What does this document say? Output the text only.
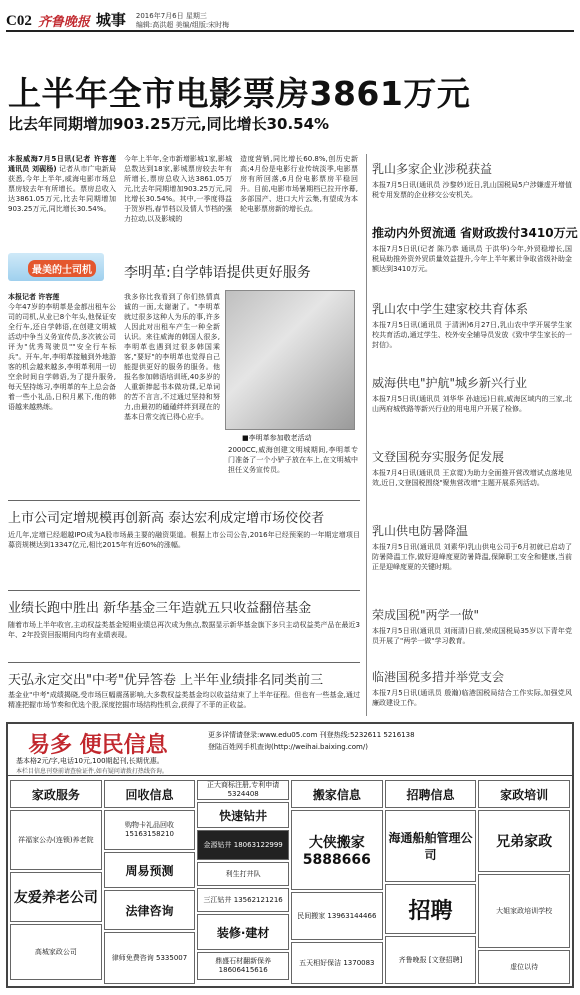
C02 齐鲁晚报 城事 2016年7月6日 星期三
编辑:高洪超 美编/组版:宋时梅
上半年全市电影票房3861万元
比去年同期增加903.25万元,同比增长30.54%
本报威海7月5日讯(记者 许容莲 通讯员 刘砚杨) 记者从市广电新局获悉,今年上半年,威海电影市场总票房较去年有所增长。票房总收入达3861.05万元,比去年同期增加903.25万元,同比增长30.54%。
今年上半年,全市新增影城1家,影城总数达到18家,影城票房较去年有所增长,票房总收入达3861.05万元,比去年同期增加903.25万元,同比增长30.54%。其中,一季度得益于贺岁档,春节档以及情人节档的强力拉动,以及影城的
造度营销,同比增长60.8%,创历史新高;4月份是电影行业传统淡季,电影票房有所回落,6月份电影票房平稳回升。目前,电影市场暑期档已拉开序幕,多部国产、进口大片云集,有望成为本轮电影票房新的增长点。
最美的士司机 李明革:自学韩语提供更好服务
本报记者 许容莲
今年47岁的李明革是金都出租车公司的司机,从业已8个年头,他保证安全行车,还自学韩语,在创建文明城活动中争当义务宣传员,多次被公司评为"优秀驾驶员""安全行车标兵"。开车,年,李明革接触到外地游客的机会越来越多,李明革利用一切空余时间自学韩语,为了提升服务,每天坚持练习,李明革的车上总会备着一些小礼品,日积月累下,他的韩语越来越熟练。
我多你比我看到了你们热情真诚的一面,太谢谢了。"李明革就过很多这种人为乐的事,许多人因此对出租车产生一种全新认识。来往威海的韩国人很多,李明革也遇到过很多韩国乘客,"要好"的李明革也觉得自己能提供更好的服务的服务。他报名参加韩语培训班,40多岁的人重新捧起书本做功课,记单词的苦不言言,不过通过坚持和努力,由最初的磕磕绊绊到现在的基本日常交流已得心应手。
■李明革参加敬老活动
2000CC,威海创建文明城期间,李明革专门准备了一个小铲子放在车上,在文明城中担任义务宣传员。
上市公司定增规模再创新高 泰达宏利成定增市场佼佼者
近几年,定增已经超越IPO成为A股市场最主要的融资渠道。根据上市公司公告,2016年已经预案的一年期定增项目募资规模达到13347亿元,相比2015年有近60%的涨幅。
业绩长跑中胜出 新华基金三年造就五只收益翻倍基金
随着市场上半年收官,主动权益类基金短期业绩总再次成为焦点,数据显示新华基金旗下多只主动权益类产品在最近3年、2年投资回报期间内均有业绩表现。
天弘永定交出"中考"优异答卷 上半年业绩排名同类前三
基金业"中考"成绩揭晓,受市场巨幅震荡影响,大多数权益类基金均以收益结束了上半年征程。但也有一些基金,通过精准把握市场节奏和优选个股,深度挖掘市场结构性机会,获得了不菲的正收益。
乳山多家企业涉税获益
本报7月5日讯(通讯员 沙黎妙)近日,乳山国税局5户涉嫌虚开增值税专用发票的企业移交公安机关。
推动内外贸流通 省财政拨付3410万元
本报7月5日讯(记者 陈乃恭 通讯员 于洪华)今年,外贸稳增长,国税局助推外资外贸质量效益提升,今年上半年累计争取省级补助金额达到3410万元。
乳山农中学生建家校共育体系
本报7月5日讯(通讯员 于清洲)6月27日,乳山农中学开展学生家校共育活动,通过学生、校外安全辅导员发放《致中学生家长的一封信》。
威海供电"护航"城乡新兴行业
本报7月5日讯(通讯员 刘华华 孙迪远)日前,威海区域内的三家,北山两府城铁路等新兴行业的用电用户开展了检修。
文登国税夯实服务促发展
本报7月4日讯(通讯员 王京霓)为助力全面推开营改增试点落地见效,近日,文登国税围绕"聚焦营改增"主题开展系列活动。
乳山供电防暑降温
本报7月5日讯(通讯员 刘素华)乳山供电公司于6月初就已启动了防暑降温工作,做好迎峰度夏防暑降温,保障职工安全和健康,当前正是迎峰度夏的关键时期。
荣成国税"两学一做"
本报7月5日讯(通讯员 刘雨清)日前,荣成国税局35岁以下青年党员开展了"两学一做"学习教育。
临港国税多措并举党支会
本报7月5日讯(通讯员 殷瀚)临港国税局结合工作实际,加强党风廉政建设工作。
易多 便民信息	更多详情请登录:www.edu05.com 刊登热线:5232611 5216138
登陆百姓网手机查询(http://weihai.baixing.com/)
基本格2元/字,电话10元,100期起刊,长期优惠。
本栏目信息刊登前请查验证件,如有疑问请拨打热线咨询。
家政服务
祥福家公办(连锁)养老院
友爱养老公司
高城家政公司
回收信息
购物卡礼品回收 15163158210
周易预测
法律咨询
律师免费咨询 5335007
正大商标注册,专利申请 5324408
快速钻井
金源钻井 18063122999
利生打井队
三江钻井 13562121216
装修·建材
鼎盛石材翻新保养 18606415616
搬家信息
大侠搬家 5888666
民间搬家 13963144466
五天相好保洁 1370083
招聘信息
海通船舶管理公司
招聘
齐鲁晚报 [文登招聘]
家政培训
兄弟家政
大姐家政培训学校
虚位以待
